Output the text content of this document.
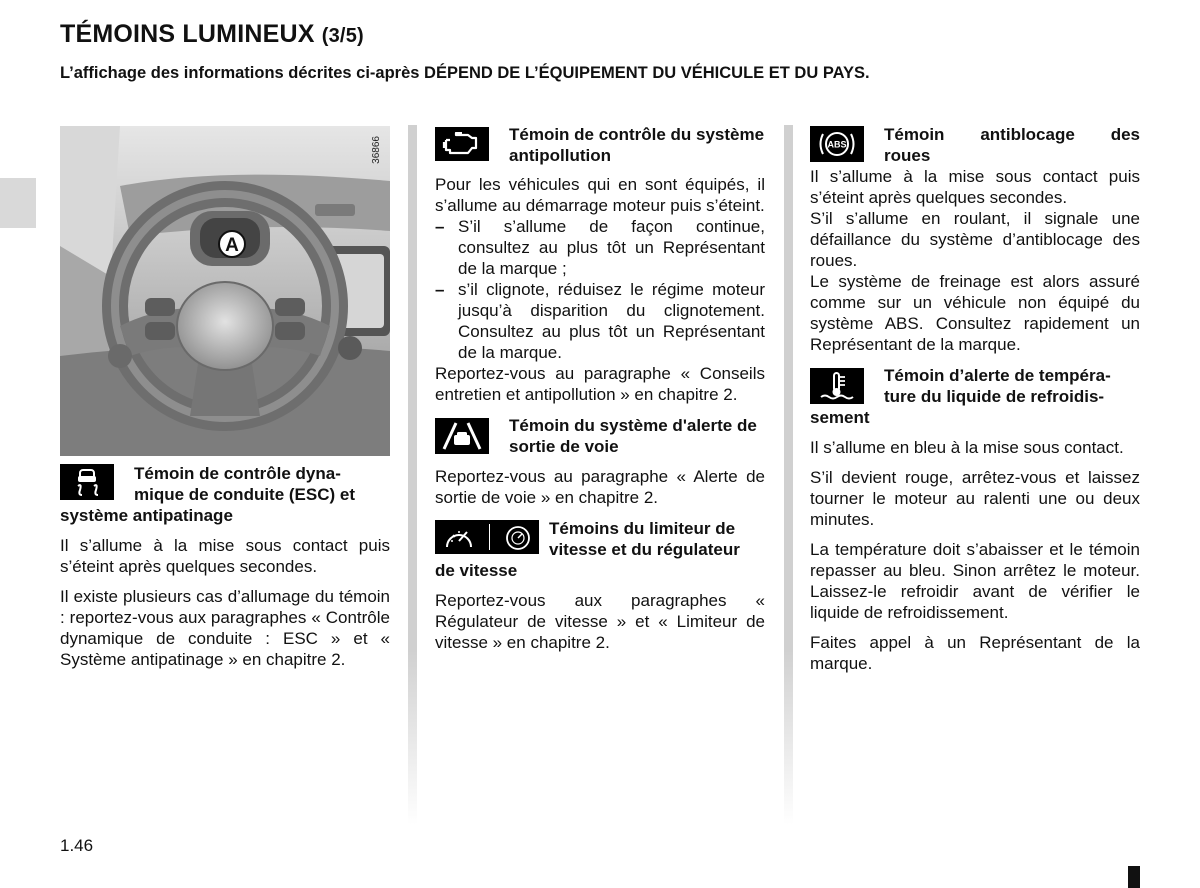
TÉMOINS LUMINEUX (3/5)
L’affichage des informations décrites ci-après DÉPEND DE L’ÉQUIPEMENT DU VÉHICULE ET DU PAYS.
A
36866
Témoin de contrôle dyna-
mique de conduite (ESC) et
système antipatinage

Il s’allume à la mise sous contact puis s’éteint après quelques secondes.

Il existe plusieurs cas d’allumage du témoin : reportez-vous aux paragraphes « Contrôle dynamique de conduite : ESC » et « Système antipatinage » en chapitre 2.

Témoin de contrôle du système antipollution

Pour les véhicules qui en sont équipés, il s’allume au démarrage moteur puis s’éteint.

– S’il s’allume de façon continue, consultez au plus tôt un Représentant de la marque ;
– s’il clignote, réduisez le régime moteur jusqu’à disparition du clignotement. Consultez au plus tôt un Représentant de la marque.

Reportez-vous au paragraphe « Conseils entretien et antipollution » en chapitre 2.

Témoin du système d'alerte de sortie de voie

Reportez-vous au paragraphe « Alerte de sortie de voie » en chapitre 2.

Témoins du limiteur de
vitesse et du régulateur
de vitesse

Reportez-vous aux paragraphes « Régulateur de vitesse » et « Limiteur de vitesse » en chapitre 2.

ABS
Témoin antiblocage des
roues

Il s’allume à la mise sous contact puis s’éteint après quelques secondes.

S’il s’allume en roulant, il signale une défaillance du système d’antiblocage des roues.

Le système de freinage est alors assuré comme sur un véhicule non équipé du système ABS. Consultez rapidement un Représentant de la marque.

Témoin d’alerte de tempéra-
ture du liquide de refroidis-
sement

Il s’allume en bleu à la mise sous contact.

S’il devient rouge, arrêtez-vous et laissez tourner le moteur au ralenti une ou deux minutes.

La température doit s’abaisser et le témoin repasser au bleu. Sinon arrêtez le moteur. Laissez-le refroidir avant de vérifier le liquide de refroidissement.

Faites appel à un Représentant de la marque.

1.46
